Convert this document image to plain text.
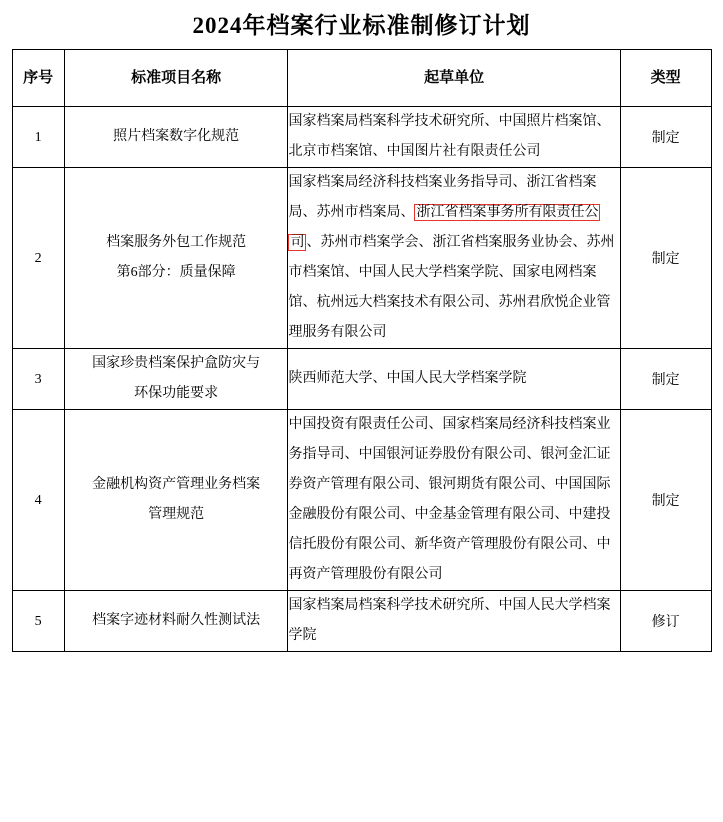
2024年档案行业标准制修订计划
序号	标准项目名称	起草单位	类型
1	照片档案数字化规范	国家档案局档案科学技术研究所、中国照片档案馆、北京市档案馆、中国图片社有限责任公司	制定
2	档案服务外包工作规范
第6部分：质量保障	国家档案局经济科技档案业务指导司、浙江省档案局、苏州市档案局、 浙江省档案事务所有限责任公司 、苏州市档案学会、浙江省档案服务业协会、苏州市档案馆、中国人民大学档案学院、国家电网档案馆、杭州远大档案技术有限公司、苏州君欣悦企业管理服务有限公司	制定
3	国家珍贵档案保护盒防灾与
环保功能要求	陕西师范大学、中国人民大学档案学院	制定
4	金融机构资产管理业务档案
管理规范	中国投资有限责任公司、国家档案局经济科技档案业务指导司、中国银河证券股份有限公司、银河金汇证券资产管理有限公司、银河期货有限公司、中国国际金融股份有限公司、中金基金管理有限公司、中建投信托股份有限公司、新华资产管理股份有限公司、中再资产管理股份有限公司	制定
5	档案字迹材料耐久性测试法	国家档案局档案科学技术研究所、中国人民大学档案学院	修订
